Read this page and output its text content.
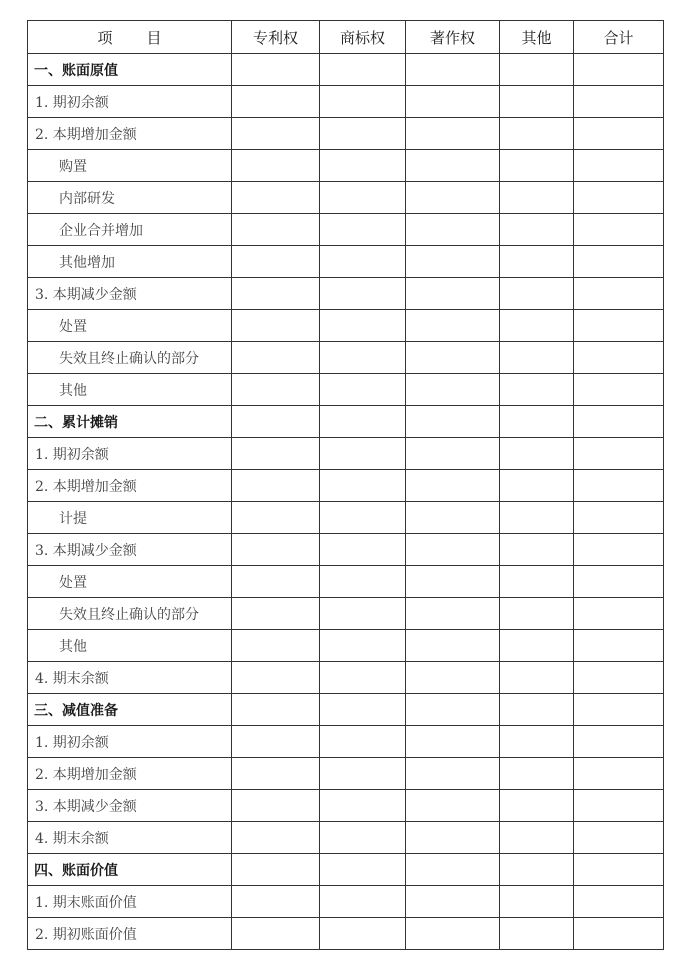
项 目	专利权	商标权	著作权	其他	合计
一、账面原值					
1. 期初余额					
2. 本期增加金额					
购置					
内部研发					
企业合并增加					
其他增加					
3. 本期减少金额					
处置					
失效且终止确认的部分					
其他					
二、累计摊销					
1. 期初余额					
2. 本期增加金额					
计提					
3. 本期减少金额					
处置					
失效且终止确认的部分					
其他					
4. 期末余额					
三、减值准备					
1. 期初余额					
2. 本期增加金额					
3. 本期减少金额					
4. 期末余额					
四、账面价值					
1. 期末账面价值					
2. 期初账面价值					
